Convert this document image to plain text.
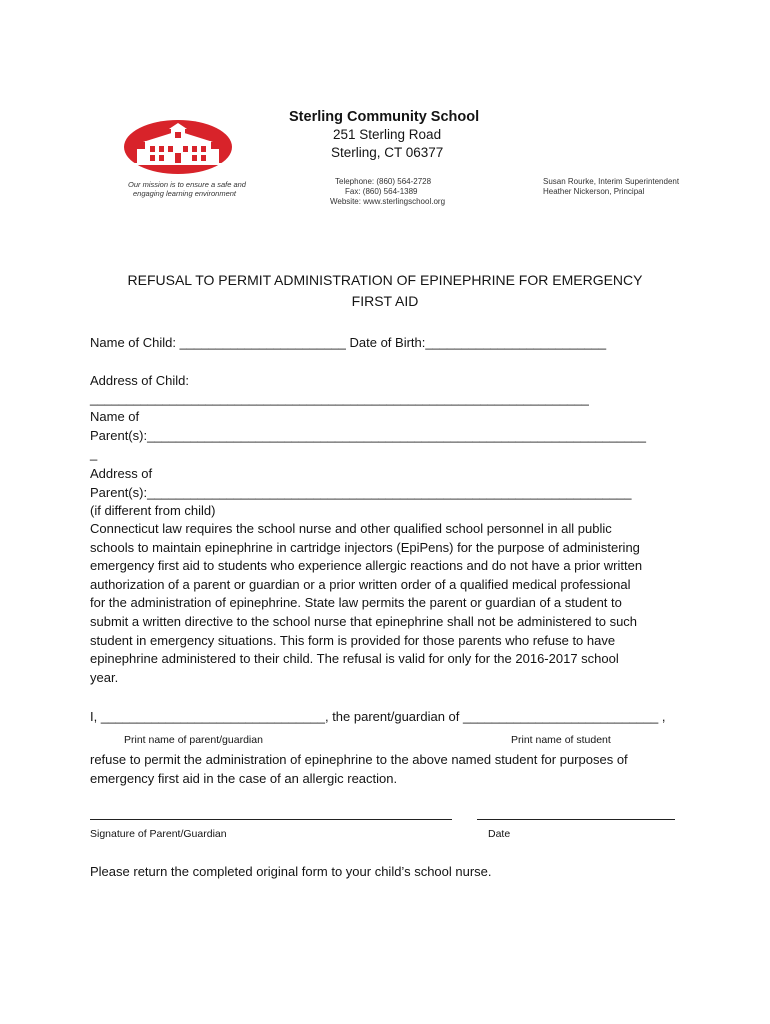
Our mission is to ensure a safe and
engaging learning environment
Sterling Community School
251 Sterling Road
Sterling, CT 06377
Telephone: (860) 564-2728
Fax: (860) 564-1389
Website: www.sterlingschool.org
Susan Rourke, Interim Superintendent
Heather Nickerson, Principal
REFUSAL TO PERMIT ADMINISTRATION OF EPINEPHRINE FOR EMERGENCY
FIRST AID
Name of Child: _______________________ Date of Birth:_________________________
Address of Child:
_____________________________________________________________________
Name of
Parent(s):_____________________________________________________________________
_
Address of
Parent(s):___________________________________________________________________
(if different from child)
Connecticut law requires the school nurse and other qualified school personnel in all public
schools to maintain epinephrine in cartridge injectors (EpiPens) for the purpose of administering
emergency first aid to students who experience allergic reactions and do not have a prior written
authorization of a parent or guardian or a prior written order of a qualified medical professional
for the administration of epinephrine. State law permits the parent or guardian of a student to
submit a written directive to the school nurse that epinephrine shall not be administered to such
student in emergency situations. This form is provided for those parents who refuse to have
epinephrine administered to their child. The refusal is valid for only for the 2016-2017 school
year.
I, _______________________________, the parent/guardian of ___________________________ ,
Print name of parent/guardian	Print name of student
refuse to permit the administration of epinephrine to the above named student for purposes of
emergency first aid in the case of an allergic reaction.
Signature of Parent/Guardian	Date
Please return the completed original form to your child’s school nurse.
